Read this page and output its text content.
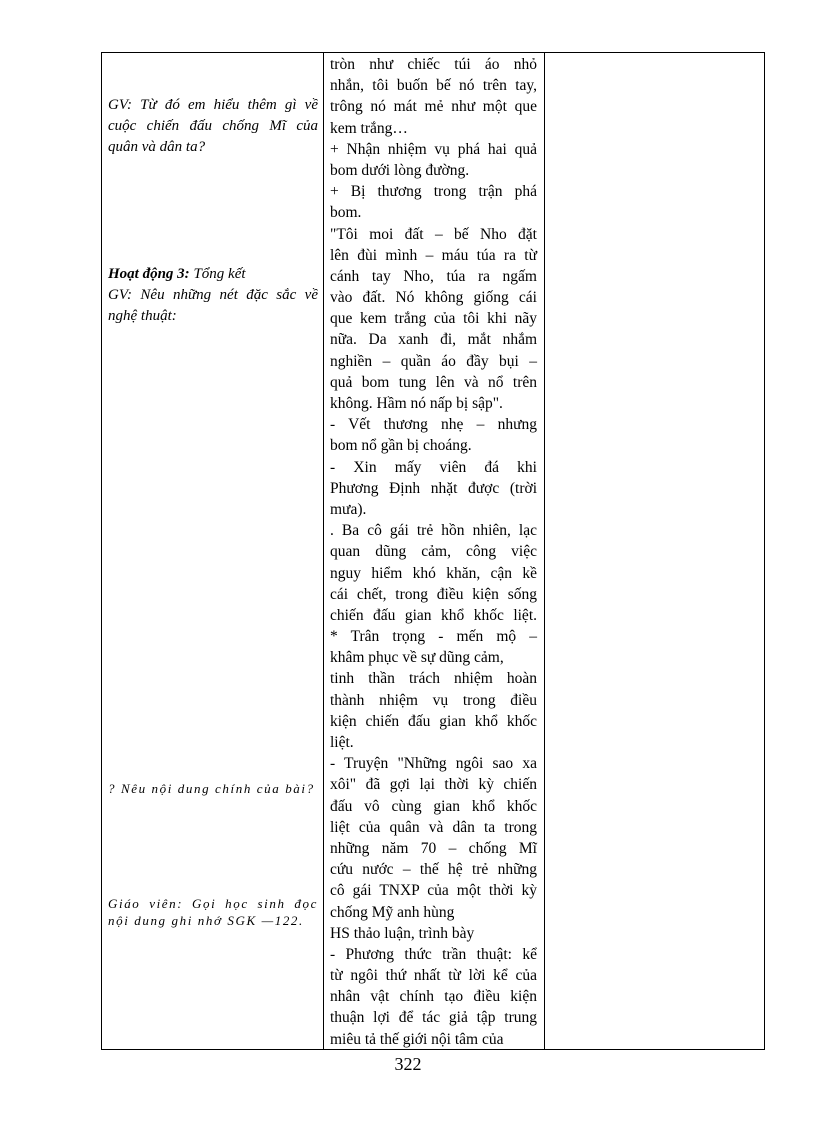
GV: Từ đó em hiểu thêm gì về cuộc chiến đấu chống Mĩ của quân và dân ta?
Hoạt động 3: Tổng kết
GV: Nêu những nét đặc sắc về nghệ thuật:
? Nêu nội dung chính của bài?
Giáo viên: Gọi học sinh đọc nội dung ghi nhớ SGK —122.
tròn như chiếc túi áo nhỏ
nhắn, tôi buốn bế nó trên tay,
trông nó mát mẻ như một que
kem trắng…
+ Nhận nhiệm vụ phá hai quả
bom dưới lòng đường.
+ Bị thương trong trận phá
bom.
"Tôi moi đất – bế Nho đặt
lên đùi mình – máu túa ra từ
cánh tay Nho, túa ra ngấm
vào đất. Nó không giống cái
que kem trắng của tôi khi nãy
nữa. Da xanh đi, mắt nhắm
nghiền – quần áo đầy bụi –
quả bom tung lên và nổ trên
không. Hầm nó nấp bị sập".
- Vết thương nhẹ – nhưng
bom nổ gần bị choáng.
- Xin mấy viên đá khi
Phương Định nhặt được (trời
mưa).
. Ba cô gái trẻ hồn nhiên, lạc
quan dũng cảm, công việc
nguy hiểm khó khăn, cận kề
cái chết, trong điều kiện sống
chiến đấu gian khổ khốc liệt.
* Trân trọng - mến mộ –
khâm phục về sự dũng cảm,
tinh thần trách nhiệm hoàn
thành nhiệm vụ trong điều
kiện chiến đấu gian khổ khốc
liệt.
- Truyện "Những ngôi sao xa
xôi" đã gợi lại thời kỳ chiến
đấu vô cùng gian khổ khốc
liệt của quân và dân ta trong
những năm 70 – chống Mĩ
cứu nước – thế hệ trẻ những
cô gái TNXP của một thời kỳ
chống Mỹ anh hùng
HS thảo luận, trình bày
- Phương thức trần thuật: kể
từ ngôi thứ nhất từ lời kể của
nhân vật chính tạo điều kiện
thuận lợi để tác giả tập trung
miêu tả thế giới nội tâm của
322
